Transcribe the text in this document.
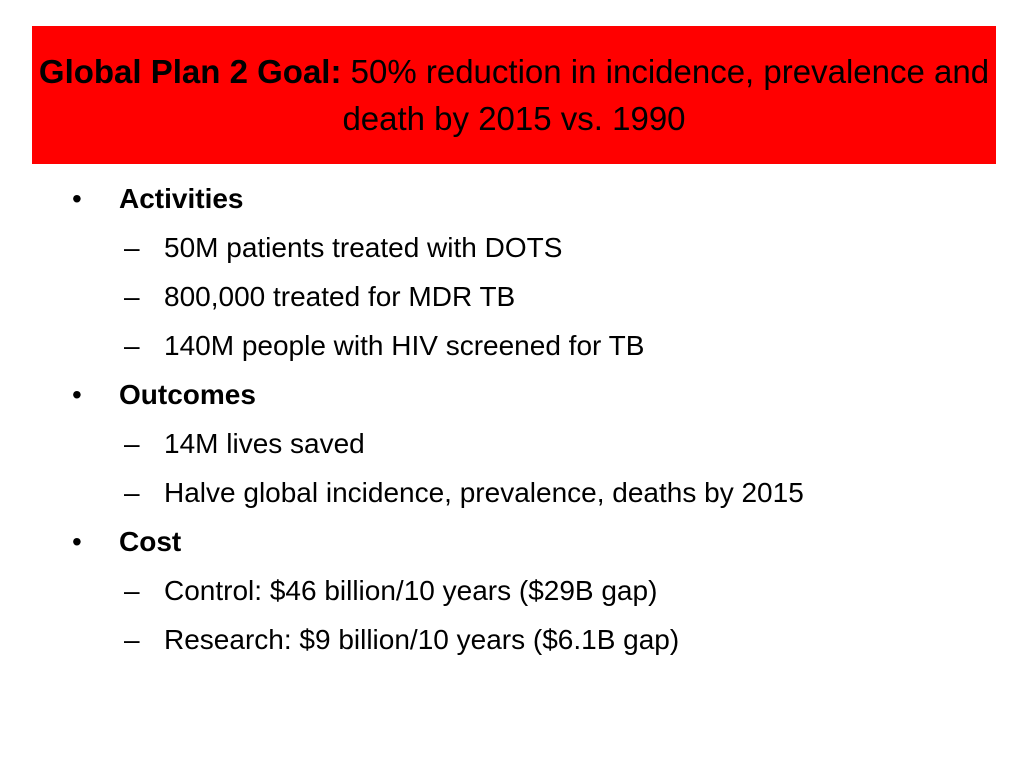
Global Plan 2 Goal: 50% reduction in incidence, prevalence and death by 2015 vs. 1990
• Activities
– 50M patients treated with DOTS
– 800,000 treated for MDR TB
– 140M people with HIV screened for TB
• Outcomes
– 14M lives saved
– Halve global incidence, prevalence, deaths by 2015
• Cost
– Control: $46 billion/10 years ($29B gap)
– Research: $9 billion/10 years ($6.1B gap)
